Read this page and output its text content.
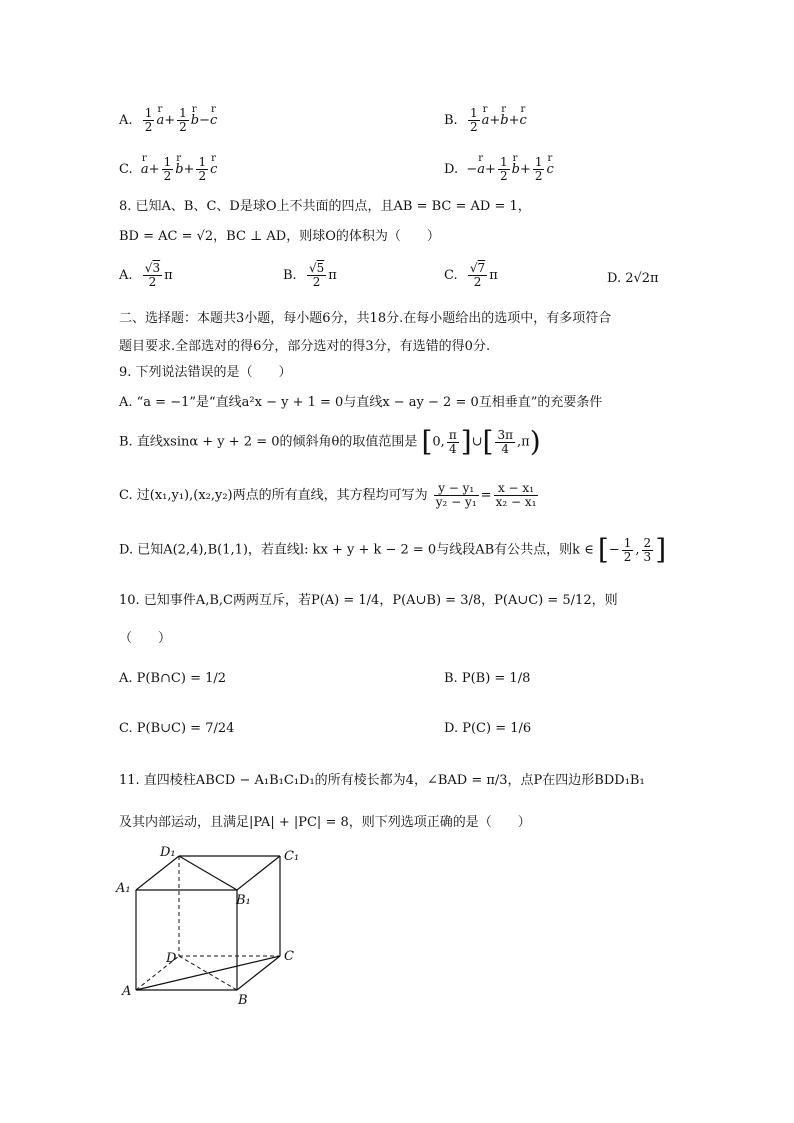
A. $\frac{1}{2}$ r $a+ \frac{1}{2}$ r b−r c	B. $\frac{1}{2}$ r a+r b+r c
C. r $a+ \frac{1}{2}$ r $b+ \frac{1}{2}$ r c	D.  −r $a+ \frac{1}{2}$ r $b+ \frac{1}{2}$ r c
8. 已知A、B、C、D是球O上不共面的四点，且AB = BC = AD = 1，
BD = AC = √2，BC ⊥ AD，则球O的体积为（　　）
A. $\frac{√3}{2}$ π	B. $\frac{√5}{2}$ π	C. $\frac{√7}{2}$ π	D. 2√2π
二、选择题：本题共3小题，每小题6分，共18分.在每小题给出的选项中，有多项符合
题目要求.全部选对的得6分，部分选对的得3分，有选错的得0分.
9. 下列说法错误的是（　　）
A. “a = −1”是“直线a²x − y + 1 = 0与直线x − ay − 2 = 0互相垂直”的充要条件
B. 直线xsinα + y + 2 = 0的倾斜角θ的取值范围是 [0, $\frac{\pi}{4}$ ]∪[ $\frac{3\pi}{4} ,\pi$)
C. 过(x₁,y₁),(x₂,y₂)两点的所有直线，其方程均可写为 $\frac{\text{y − y₁}}{\text{y₂ − y₁}} = \frac{\text{x − x₁}}{\text{x₂ − x₁}}$
D. 已知A(2,4),B(1,1)，若直线l: kx + y + k − 2 = 0与线段AB有公共点，则k ∈ [− $\frac{1}{2}$ , $\frac{2}{3}$ ]
10. 已知事件A,B,C两两互斥，若P(A) = 1/4，P(A∪B) = 3/8，P(A∪C) = 5/12，则
（　　）
A. P(B∩C) = 1/2	B. P(B) = 1/8
C. P(B∪C) = 7/24	D. P(C) = 1/6
11. 直四棱柱ABCD − A₁B₁C₁D₁的所有棱长都为4，∠BAD = π/3，点P在四边形BDD₁B₁
及其内部运动，且满足|PA| + |PC| = 8，则下列选项正确的是（　　）
D₁	C₁
A₁
B₁
D	C
A
B
